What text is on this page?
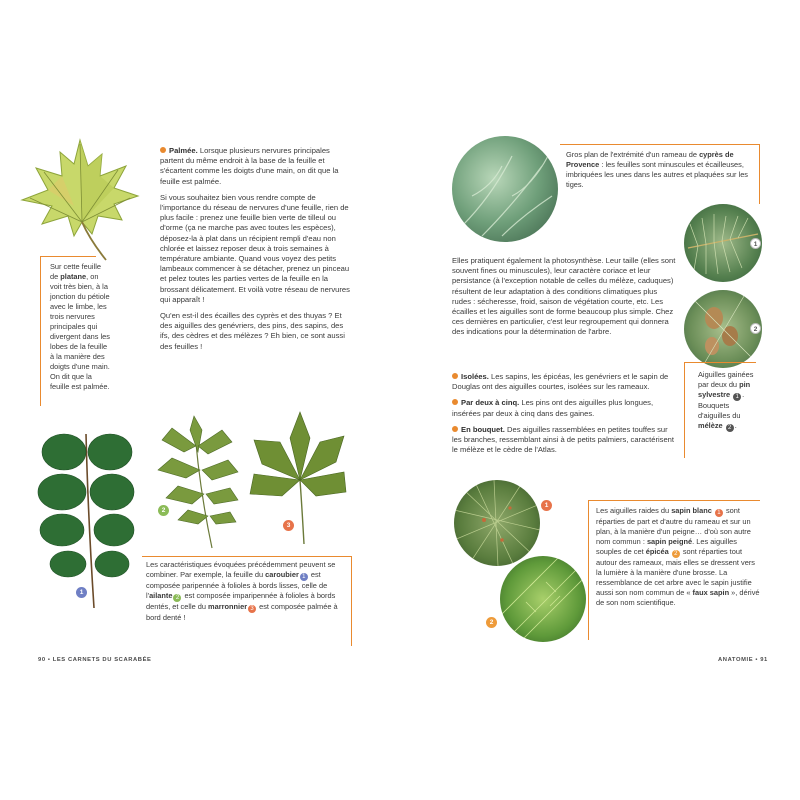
Sur cette feuille de platane, on voit très bien, à la jonction du pétiole avec le limbe, les trois nervures principales qui divergent dans les lobes de la feuille à la manière des doigts d'une main. On dit que la feuille est palmée.

Palmée. Lorsque plusieurs nervures principales partent du même endroit à la base de la feuille et s'écartent comme les doigts d'une main, on dit que la feuille est palmée.

Si vous souhaitez bien vous rendre compte de l'importance du réseau de nervures d'une feuille, rien de plus facile : prenez une feuille bien verte de tilleul ou d'orme (ça ne marche pas avec toutes les espèces), déposez-la à plat dans un récipient rempli d'eau non chlorée et laissez reposer deux à trois semaines à température ambiante. Quand vous voyez des petits lambeaux commencer à se détacher, prenez un pinceau et pelez toutes les parties vertes de la feuille en la brossant délicatement. Et voilà votre réseau de nervures qui apparaît !

Qu'en est-il des écailles des cyprès et des thuyas ? Et des aiguilles des genévriers, des pins, des sapins, des ifs, des cèdres et des mélèzes ? Eh bien, ce sont aussi des feuilles !

1
2
3
Les caractéristiques évoquées précédemment peuvent se combiner. Par exemple, la feuille du caroubier 1 est composée paripennée à folioles à bords lisses, celle de l'ailante 2 est composée imparipennée à folioles à bords dentés, et celle du marronnier 3 est composée palmée à bord denté !
90 • LES CARNETS DU SCARABÉE
Gros plan de l'extrémité d'un rameau de cyprès de Provence : les feuilles sont minuscules et écailleuses, imbriquées les unes dans les autres et plaquées sur les tiges.
1
2
Aiguilles gainées par deux du pin sylvestre 1 . Bouquets d'aiguilles du mélèze 2 .

Elles pratiquent également la photosynthèse. Leur taille (elles sont souvent fines ou minuscules), leur caractère coriace et leur persistance (à l'exception notable de celles du mélèze, caduques) résultent de leur adaptation à des conditions climatiques plus rudes : sécheresse, froid, saison de végétation courte, etc. Les écailles et les aiguilles sont de forme beaucoup plus simple. Chez ces dernières en particulier, c'est leur regroupement qui donnera des indications pour la détermination de l'arbre.

Isolées. Les sapins, les épicéas, les genévriers et le sapin de Douglas ont des aiguilles courtes, isolées sur les rameaux.

Par deux à cinq. Les pins ont des aiguilles plus longues, insérées par deux à cinq dans des gaines.

En bouquet. Des aiguilles rassemblées en petites touffes sur les branches, ressemblant ainsi à de petits palmiers, caractérisent le mélèze et le cèdre de l'Atlas.

1
2
Les aiguilles raides du sapin blanc 1 sont réparties de part et d'autre du rameau et sur un plan, à la manière d'un peigne… d'où son autre nom commun : sapin peigné. Les aiguilles souples de cet épicéa 2 sont réparties tout autour des rameaux, mais elles se dressent vers la lumière à la manière d'une brosse. La ressemblance de cet arbre avec le sapin justifie aussi son nom commun de « faux sapin », dérivé de son nom scientifique.
ANATOMIE • 91
